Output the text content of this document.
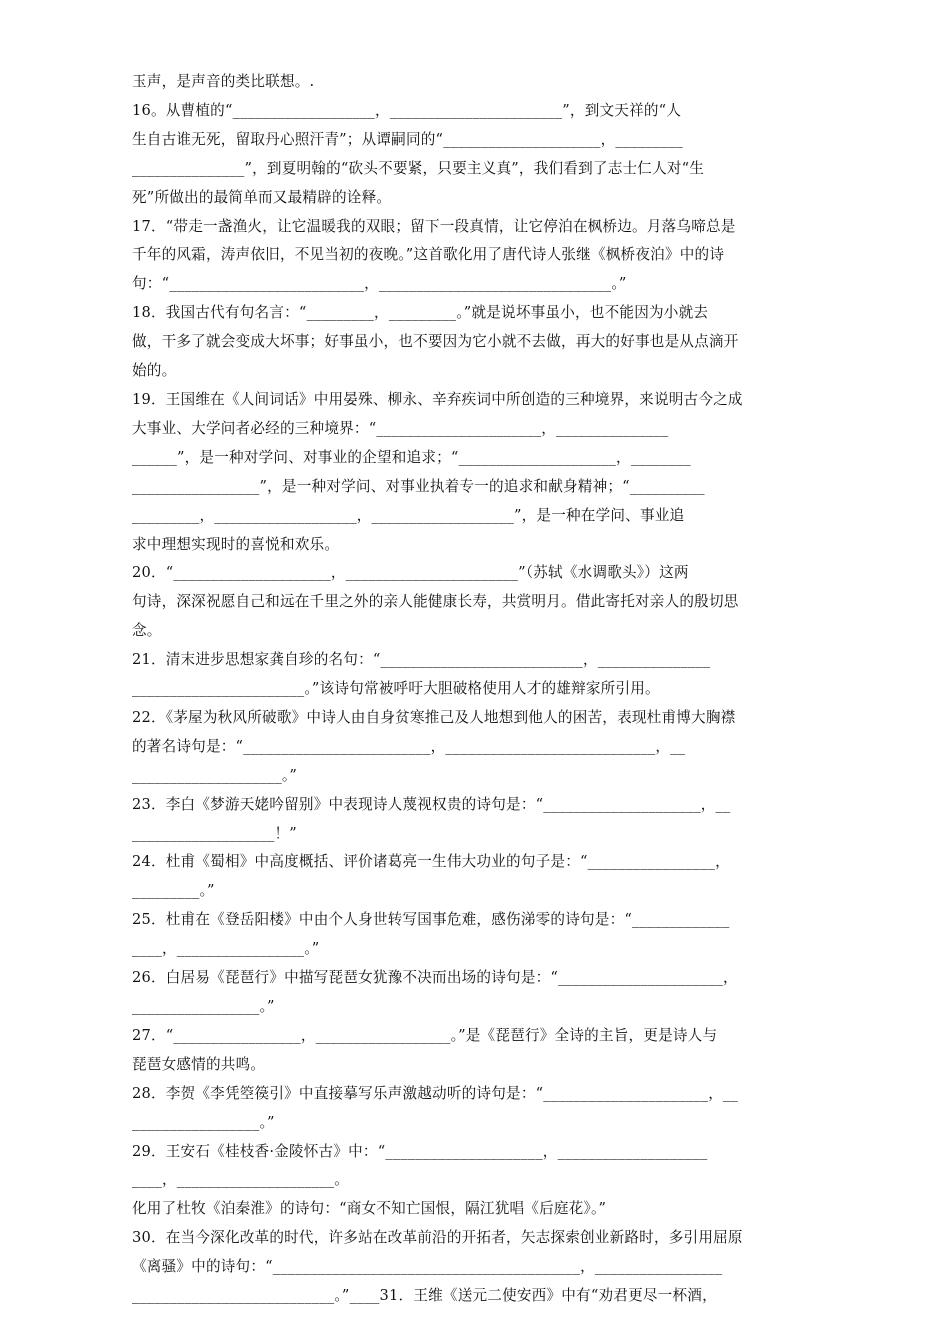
玉声，是声音的类比联想。.
16。从曹植的“___________________，_______________________”，到文天祥的“人
生自古谁无死，留取丹心照汗青”；从谭嗣同的“_____________________，_________
_______________”，到夏明翰的“砍头不要紧，只要主义真”，我们看到了志士仁人对“生
死”所做出的最简单而又最精辟的诠释。
17．“带走一盏渔火，让它温暖我的双眼；留下一段真情，让它停泊在枫桥边。月落乌啼总是
千年的风霜，涛声依旧，不见当初的夜晚。”这首歌化用了唐代诗人张继《枫桥夜泊》中的诗
句：“__________________________，_______________________________。”
18．我国古代有句名言：“_________，_________。”就是说坏事虽小，也不能因为小就去
做，干多了就会变成大坏事；好事虽小，也不要因为它小就不去做，再大的好事也是从点滴开
始的。
19．王国维在《人间词话》中用晏殊、柳永、辛弃疾词中所创造的三种境界，来说明古今之成
大事业、大学问者必经的三种境界：“______________________，_______________
______”，是一种对学问、对事业的企望和追求；“_____________________，________
_________________”，是一种对学问、对事业执着专一的追求和献身精神；“__________
_________，___________________，___________________”，是一种在学问、事业追
求中理想实现时的喜悦和欢乐。
20．“_____________________，_______________________”（苏轼《水调歌头》）这两
句诗，深深祝愿自己和远在千里之外的亲人能健康长寿，共赏明月。借此寄托对亲人的殷切思
念。
21．清末进步思想家龚自珍的名句：“___________________________，_______________
_______________________。”该诗句常被呼吁大胆破格使用人才的雄辩家所引用。
22．《茅屋为秋风所破歌》中诗人由自身贫寒推己及人地想到他人的困苦，表现杜甫博大胸襟
的著名诗句是：“_________________________，____________________________，__
____________________。”
23．李白《梦游天姥吟留别》中表现诗人蔑视权贵的诗句是：“_____________________，__
___________________！”
24．杜甫《蜀相》中高度概括、评价诸葛亮一生伟大功业的句子是：“_________________，
_________。”
25．杜甫在《登岳阳楼》中由个人身世转写国事危难，感伤涕零的诗句是：“_____________
____，_________________。”
26．白居易《琵琶行》中描写琵琶女犹豫不决而出场的诗句是：“______________________，
_________________。”
27．“_________________，__________________。”是《琵琶行》全诗的主旨，更是诗人与
琵琶女感情的共鸣。
28．李贺《李凭箜篌引》中直接摹写乐声激越动听的诗句是：“______________________，__
_________________。”
29．王安石《桂枝香·金陵怀古》中：“_____________________，____________________
____，_____________________。
化用了杜牧《泊秦淮》的诗句：“商女不知亡国恨，隔江犹唱《后庭花》。”
30．在当今深化改革的时代，许多站在改革前沿的开拓者，矢志探索创业新路时，多引用屈原
《离骚》中的诗句：“_________________________________________，_________________
___________________________。”____31．王维《送元二使安西》中有“劝君更尽一杯酒，
